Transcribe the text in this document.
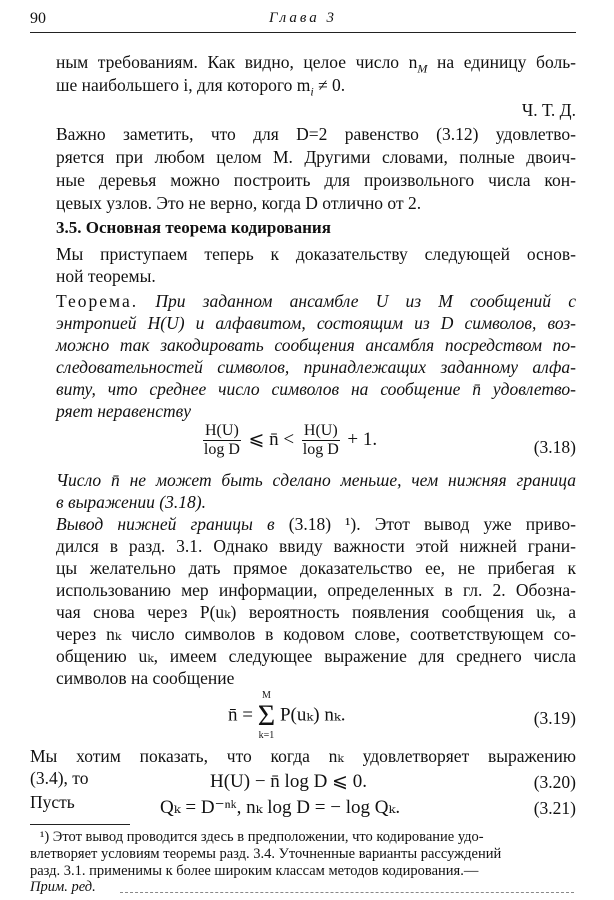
90	Глава 3
ным требованиям. Как видно, целое число $n_M$ на единицу боль-
ше наибольшего i, для которого $m_i \ne 0$.
Ч. Т. Д.
Важно заметить, что для D=2 равенство (3.12) удовлетво-
ряется при любом целом M. Другими словами, полные двоич-
ные деревья можно построить для произвольного числа кон-
цевых узлов. Это не верно, когда D отлично от 2.
3.5. Основная теорема кодирования
Мы приступаем теперь к доказательству следующей основ-
ной теоремы.
Теорема. При заданном ансамбле U из M сообщений с
энтропией H(U) и алфавитом, состоящим из D символов, воз-
можно так закодировать сообщения ансамбля посредством по-
следовательностей символов, принадлежащих заданному алфа-
виту, что среднее число символов на сообщение n̄ удовлетво-
ряет неравенству
$\frac{H(U)}{\text{log D}}$ ⩽ n̄ < $\frac{H(U)}{\text{log D}} + 1$.	(3.18)
Число n̄ не может быть сделано меньше, чем нижняя граница
в выражении (3.18).
Вывод нижней границы в (3.18) ¹). Этот вывод уже приво-
дился в разд. 3.1. Однако ввиду важности этой нижней грани-
цы желательно дать прямое доказательство ее, не прибегая к
использованию мер информации, определенных в гл. 2. Обозна-
чая снова через P(uₖ) вероятность появления сообщения uₖ, а
через nₖ число символов в кодовом слове, соответствующем со-
общению uₖ, имеем следующее выражение для среднего числа
символов на сообщение
n̄ =
M
Σ
k=1
P(uₖ) nₖ.	(3.19)
Мы хотим показать, что когда nₖ удовлетворяет выражению
(3.4), то	H(U) − n̄ log D ⩽ 0.	(3.20)
Пусть	Qₖ = D⁻ⁿᵏ, nₖ log D = − log Qₖ.	(3.21)
¹) Этот вывод проводится здесь в предположении, что кодирование удо-
влетворяет условиям теоремы разд. 3.4. Уточненные варианты рассуждений
разд. 3.1. применимы к более широким классам методов кодирования.—
Прим. ред.
